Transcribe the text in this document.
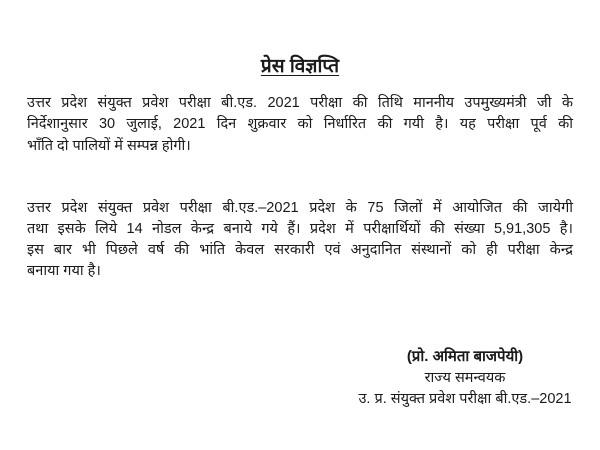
प्रेस विज्ञप्ति
उत्तर प्रदेश संयुक्त प्रवेश परीक्षा बी.एड. 2021 परीक्षा की तिथि माननीय उपमुख्यमंत्री जी के
निर्देशानुसार 30 जुलाई, 2021 दिन शुक्रवार को निर्धारित की गयी है। यह परीक्षा पूर्व की
भाँति दो पालियों में सम्पन्न होगी।
उत्तर प्रदेश संयुक्त प्रवेश परीक्षा बी.एड.–2021 प्रदेश के 75 जिलों में आयोजित की जायेगी
तथा इसके लिये 14 नोडल केन्द्र बनाये गये हैं। प्रदेश में परीक्षार्थियों की संख्या 5,91,305 है।
इस बार भी पिछले वर्ष की भांति केवल सरकारी एवं अनुदानित संस्थानों को ही परीक्षा केन्द्र
बनाया गया है।
(प्रो. अमिता बाजपेयी)
राज्य समन्वयक
उ. प्र. संयुक्त प्रवेश परीक्षा बी.एड.–2021
